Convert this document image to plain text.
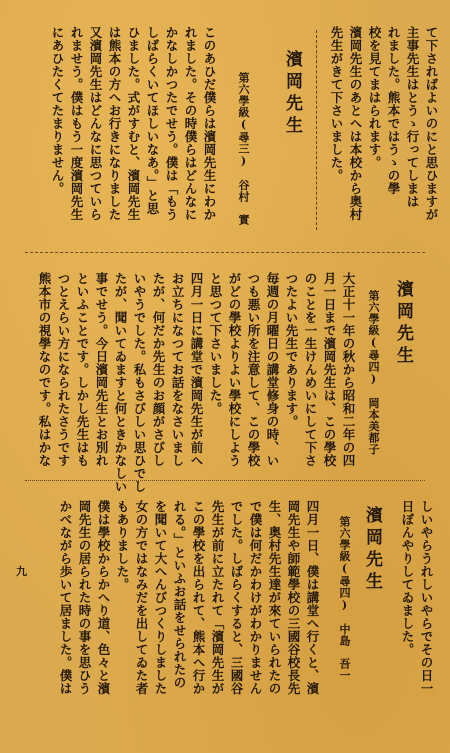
て下さればよいのにと思ひますが
主事先生はとうゝ行ってしまは
れました。熊本ではうゝの學
校を見てまはられます。
濱岡先生のあとへは本校から奥村
先生がきて下さいました。
濱岡先生
第六學級(尋三)　谷村　實
このあひだ僕らは濱岡先生にわか
れました。その時僕らはどんなに
かなしかつたでせう。僕は「もう
しばらくいてほしいなあ。」と思
ひました。式がすむと、濱岡先生
は熊本の方へお行きになりました
又濱岡先生はどんなに思つていら
れませう。僕はもう一度濱岡先生
にあひたくてたまりません。
濱岡先生
第六學級(尋四)　岡本美都子
大正十一年の秋から昭和二年の四
月一日まで濱岡先生は、この學校
のことを一生けんめいにして下さ
つたよい先生であります。
毎週の月曜日の講堂修身の時、い
つも悪い所を注意して、この學校
がどの學校よりよい學校にしよう
と思つて下さいました。
四月一日に講堂で濱岡先生が前へ
お立ちになつてお話をなさいまし
たが、何だか先生のお顔がさびし
いやうでした。私もさびしい思ひでし
たが、聞いてゐますと何ときかなしい
事でせう。今日濱岡先生とお別れ
といふことです。しかし先生はも
つとえらい方になられたさうです
熊本市の視學なのです。私はかな
しいやらうれしいやらでその日一
日ぼんやりしてゐました。
濱岡先生
第六學級(尋四)　中島　吾一
四月一日、僕は講堂へ行くと、濱
岡先生や師範學校の三國谷校長先
生、奥村先生達が來ていられたの
で僕は何だかわけがわかりません
でした。しばらくすると、三國谷
先生が前に立たれて「濱岡先生が
この學校を出られて、熊本へ行か
れる。」といふお話をせられたの
を聞いて大へんびつくりしました
女の方ではなみだを出してゐた者
もありました。
僕は學校からかへり道、色々と濱
岡先生の居られた時の事を思ひう
かべながら歩いて居ました。僕は
九
